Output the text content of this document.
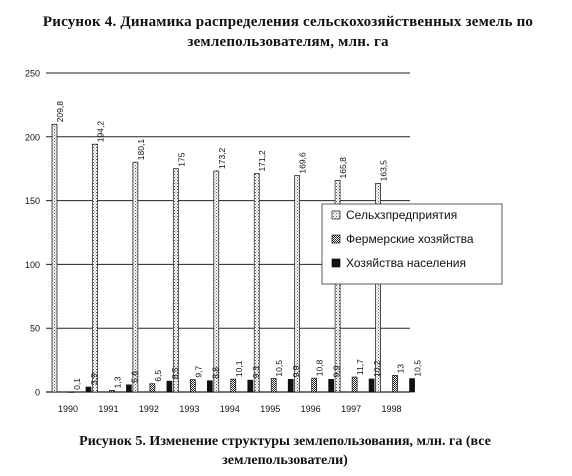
Рисунок 4. Динамика распределения сельскохозяйственных земель по землепользователям, млн. га
0
50
100
150
200
250
1990 1991 1992 1993 1994 1995 1996 1997 1998
209,8
0,1 3,9
194,2
1,3 5,6
180,1
6,5 8,5
175
9,7 8,8
173,2
10,1 9,3
171,2
10,5 9,9
169,6
10,8 9,9
165,8
11,7 10,2
163,5
13 10,5
Сельхзпредприятия
Фермерские хозяйства
Хозяйства населения
Рисунок 5. Изменение структуры землепользования, млн. га (все землепользователи)
